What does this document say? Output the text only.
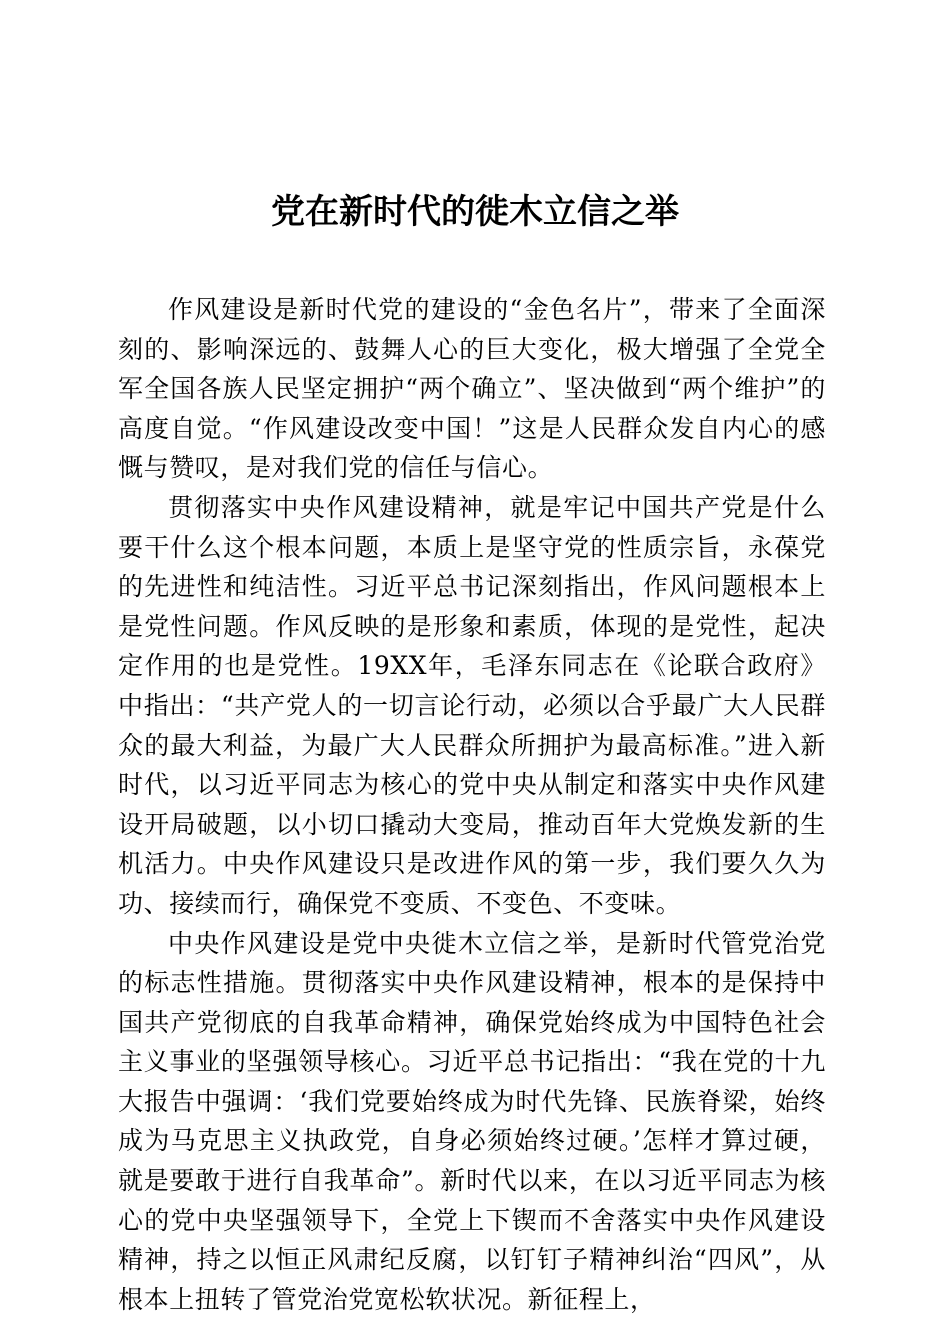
党在新时代的徙木立信之举

作风建设是新时代党的建设的“金色名片”，带来了全面深刻的、影响深远的、鼓舞人心的巨大变化，极大增强了全党全军全国各族人民坚定拥护“两个确立”、坚决做到“两个维护”的高度自觉。“作风建设改变中国！”这是人民群众发自内心的感慨与赞叹，是对我们党的信任与信心。

贯彻落实中央作风建设精神，就是牢记中国共产党是什么要干什么这个根本问题，本质上是坚守党的性质宗旨，永葆党的先进性和纯洁性。习近平总书记深刻指出，作风问题根本上是党性问题。作风反映的是形象和素质，体现的是党性，起决定作用的也是党性。19XX年，毛泽东同志在《论联合政府》中指出：“共产党人的一切言论行动，必须以合乎最广大人民群众的最大利益，为最广大人民群众所拥护为最高标准。”进入新时代，以习近平同志为核心的党中央从制定和落实中央作风建设开局破题，以小切口撬动大变局，推动百年大党焕发新的生机活力。中央作风建设只是改进作风的第一步，我们要久久为功、接续而行，确保党不变质、不变色、不变味。

中央作风建设是党中央徙木立信之举，是新时代管党治党的标志性措施。贯彻落实中央作风建设精神，根本的是保持中国共产党彻底的自我革命精神，确保党始终成为中国特色社会主义事业的坚强领导核心。习近平总书记指出：“我在党的十九大报告中强调：‘我们党要始终成为时代先锋、民族脊梁，始终成为马克思主义执政党，自身必须始终过硬。’怎样才算过硬，就是要敢于进行自我革命”。新时代以来，在以习近平同志为核心的党中央坚强领导下，全党上下锲而不舍落实中央作风建设精神，持之以恒正风肃纪反腐，以钉钉子精神纠治“四风”，从根本上扭转了管党治党宽松软状况。新征程上，
